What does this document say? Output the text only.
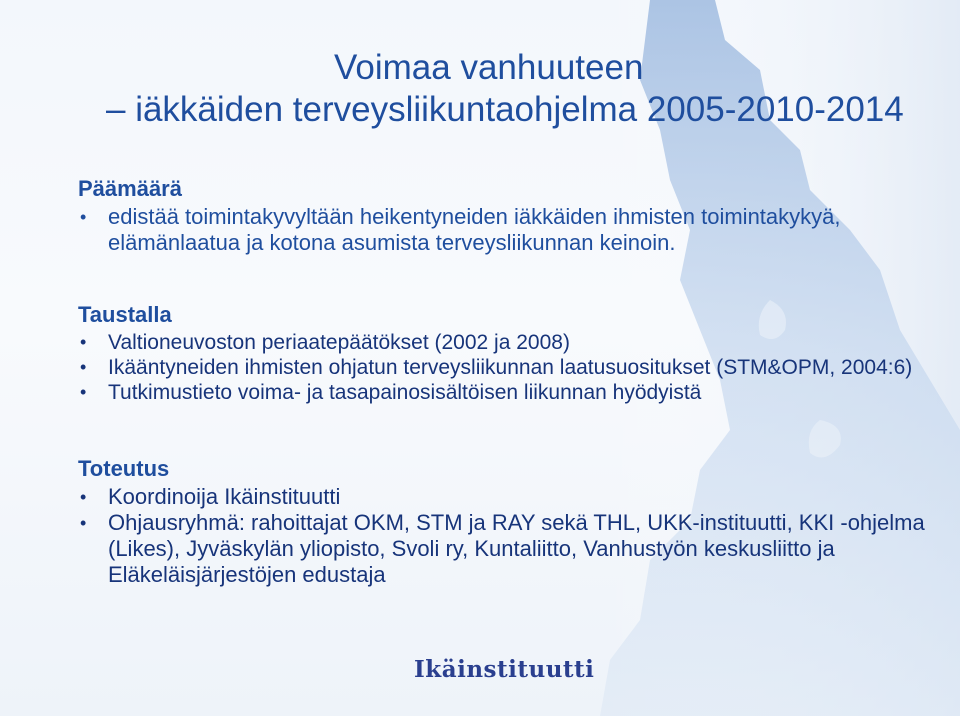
Voimaa vanhuuteen
– iäkkäiden terveysliikuntaohjelma 2005-2010-2014
Päämäärä
• edistää toimintakyvyltään heikentyneiden iäkkäiden ihmisten toimintakykyä, elämänlaatua ja kotona asumista terveysliikunnan keinoin.
Taustalla
• Valtioneuvoston periaatepäätökset (2002 ja 2008)
• Ikääntyneiden ihmisten ohjatun terveysliikunnan laatusuositukset (STM&OPM, 2004:6)
• Tutkimustieto voima- ja tasapainosisältöisen liikunnan hyödyistä
Toteutus
• Koordinoija Ikäinstituutti
• Ohjausryhmä: rahoittajat OKM, STM ja RAY sekä THL, UKK-instituutti, KKI -ohjelma (Likes), Jyväskylän yliopisto, Svoli ry, Kuntaliitto, Vanhustyön keskusliitto ja Eläkeläisjärjestöjen edustaja
Ikäinstituutti
